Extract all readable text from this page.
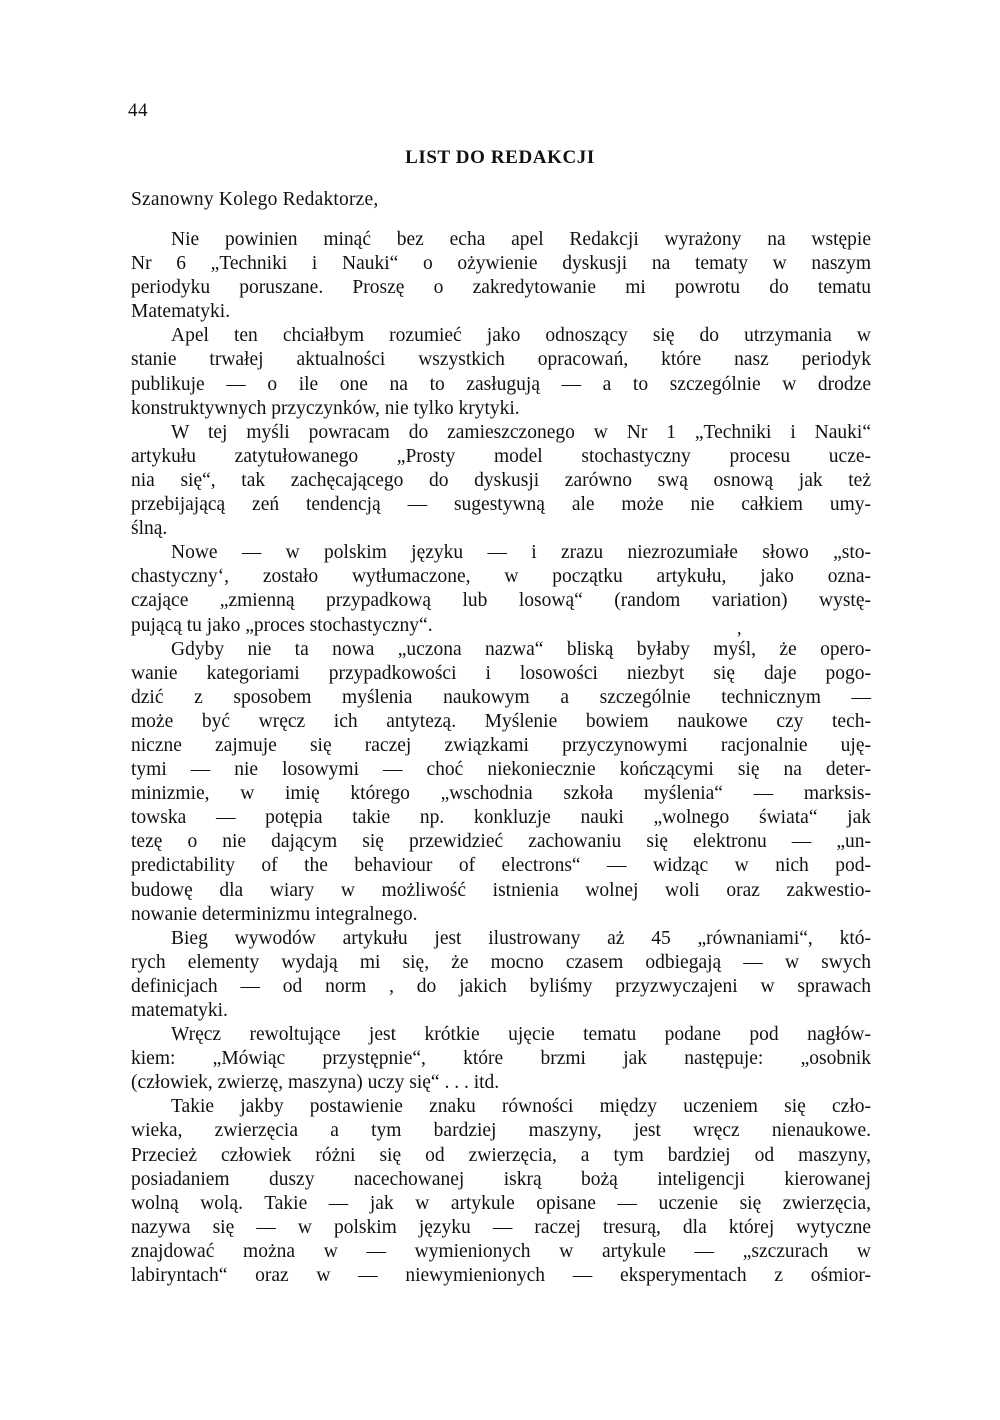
44
LIST DO REDAKCJI
Szanowny Kolego Redaktorze,
,
Nie powinien minąć bez echa apel Redakcji wyrażony na wstępie
Nr 6 „Techniki i Nauki“ o ożywienie dyskusji na tematy w naszym
periodyku poruszane. Proszę o zakredytowanie mi powrotu do tematu
Matematyki.
Apel ten chciałbym rozumieć jako odnoszący się do utrzymania w
stanie trwałej aktualności wszystkich opracowań, które nasz periodyk
publikuje — o ile one na to zasługują — a to szczególnie w drodze
konstruktywnych przyczynków, nie tylko krytyki.
W tej myśli powracam do zamieszczonego w Nr 1 „Techniki i Nauki“
artykułu zatytułowanego „Prosty model stochastyczny procesu ucze-
nia się“, tak zachęcającego do dyskusji zarówno swą osnową jak też
przebijającą zeń tendencją — sugestywną ale może nie całkiem umy-
ślną.
Nowe — w polskim języku — i zrazu niezrozumiałe słowo „sto-
chastyczny‘, zostało wytłumaczone, w początku artykułu, jako ozna-
czające „zmienną przypadkową lub losową“ (random variation) wystę-
pującą tu jako „proces stochastyczny“.
Gdyby nie ta nowa „uczona nazwa“ bliską byłaby myśl, że opero-
wanie kategoriami przypadkowości i losowości niezbyt się daje pogo-
dzić z sposobem myślenia naukowym a szczególnie technicznym —
może być wręcz ich antytezą. Myślenie bowiem naukowe czy tech-
niczne zajmuje się raczej związkami przyczynowymi racjonalnie uję-
tymi — nie losowymi — choć niekoniecznie kończącymi się na deter-
minizmie, w imię którego „wschodnia szkoła myślenia“ — marksis-
towska — potępia takie np. konkluzje nauki „wolnego świata“ jak
tezę o nie dającym się przewidzieć zachowaniu się elektronu — „un-
predictability of the behaviour of electrons“ — widząc w nich pod-
budowę dla wiary w możliwość istnienia wolnej woli oraz zakwestio-
nowanie determinizmu integralnego.
Bieg wywodów artykułu jest ilustrowany aż 45 „równaniami“, któ-
rych elementy wydają mi się, że mocno czasem odbiegają — w swych
definicjach — od norm , do jakich byliśmy przyzwyczajeni w sprawach
matematyki.
Wręcz rewoltujące jest krótkie ujęcie tematu podane pod nagłów-
kiem: „Mówiąc przystępnie“, które brzmi jak następuje: „osobnik
(człowiek, zwierzę, maszyna) uczy się“ . . . itd.
Takie jakby postawienie znaku równości między uczeniem się czło-
wieka, zwierzęcia a tym bardziej maszyny, jest wręcz nienaukowe.
Przecież człowiek różni się od zwierzęcia, a tym bardziej od maszyny,
posiadaniem duszy nacechowanej iskrą bożą inteligencji kierowanej
wolną wolą. Takie — jak w artykule opisane — uczenie się zwierzęcia,
nazywa się — w polskim języku — raczej tresurą, dla której wytyczne
znajdować można w — wymienionych w artykule — „szczurach w
labiryntach“ oraz w — niewymienionych — eksperymentach z ośmior-
